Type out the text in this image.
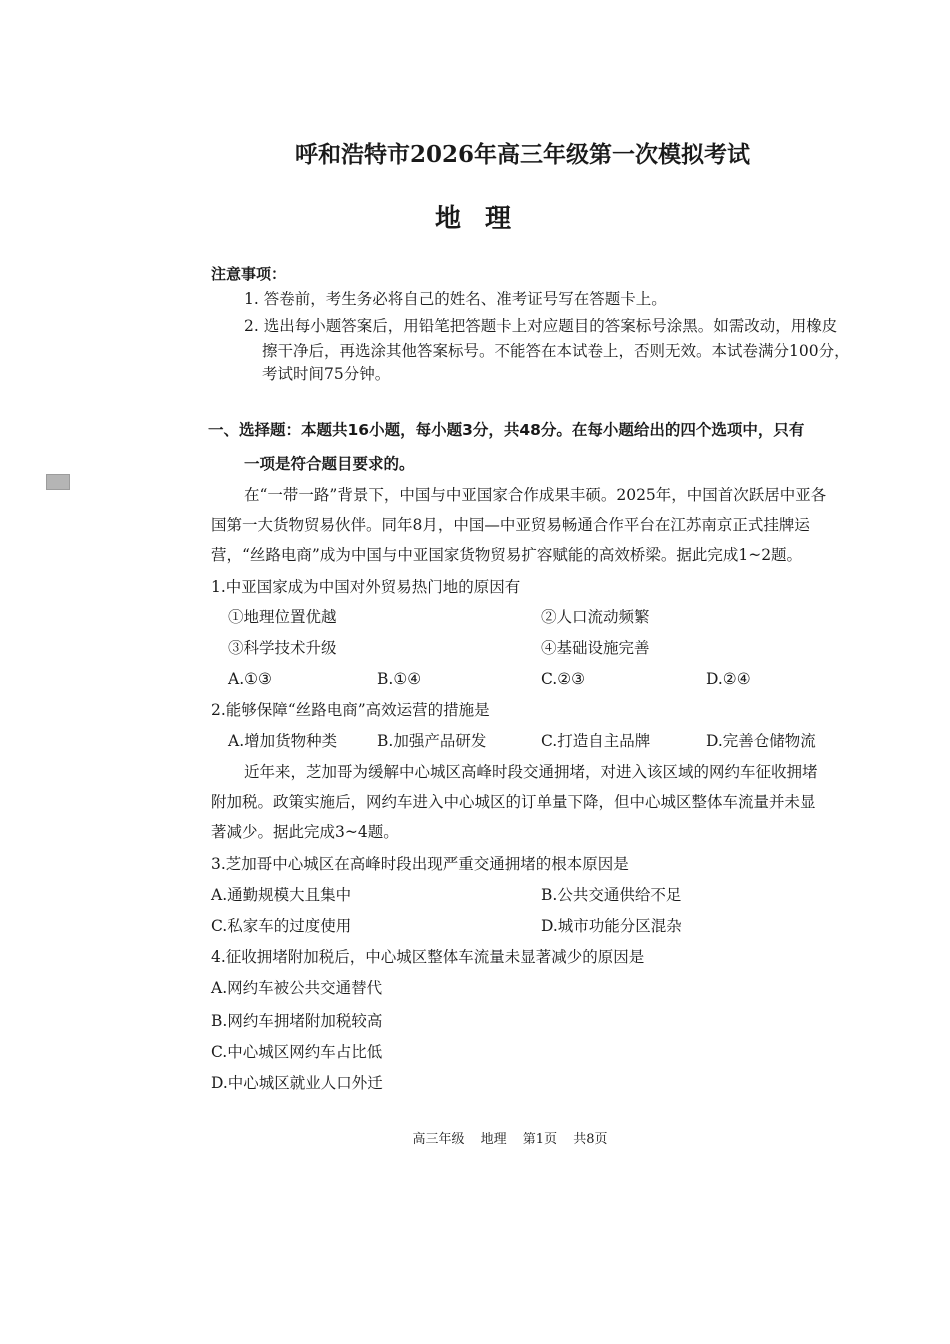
呼和浩特市2026年高三年级第一次模拟考试
地理
注意事项：
1. 答卷前，考生务必将自己的姓名、准考证号写在答题卡上。
2. 选出每小题答案后，用铅笔把答题卡上对应题目的答案标号涂黑。如需改动，用橡皮
擦干净后，再选涂其他答案标号。不能答在本试卷上，否则无效。本试卷满分100分，
考试时间75分钟。
一、选择题：本题共16小题，每小题3分，共48分。在每小题给出的四个选项中，只有
一项是符合题目要求的。
在“一带一路”背景下，中国与中亚国家合作成果丰硕。2025年，中国首次跃居中亚各
国第一大货物贸易伙伴。同年8月，中国—中亚贸易畅通合作平台在江苏南京正式挂牌运
营，“丝路电商”成为中国与中亚国家货物贸易扩容赋能的高效桥梁。据此完成1~2题。
1.中亚国家成为中国对外贸易热门地的原因有
①地理位置优越	②人口流动频繁
③科学技术升级	④基础设施完善
A.①③	B.①④	C.②③	D.②④
2.能够保障“丝路电商”高效运营的措施是
A.增加货物种类	B.加强产品研发	C.打造自主品牌	D.完善仓储物流
近年来，芝加哥为缓解中心城区高峰时段交通拥堵，对进入该区域的网约车征收拥堵
附加税。政策实施后，网约车进入中心城区的订单量下降，但中心城区整体车流量并未显
著减少。据此完成3~4题。
3.芝加哥中心城区在高峰时段出现严重交通拥堵的根本原因是
A.通勤规模大且集中	B.公共交通供给不足
C.私家车的过度使用	D.城市功能分区混杂
4.征收拥堵附加税后，中心城区整体车流量未显著减少的原因是
A.网约车被公共交通替代
B.网约车拥堵附加税较高
C.中心城区网约车占比低
D.中心城区就业人口外迁
高三年级 地理 第1页 共8页
